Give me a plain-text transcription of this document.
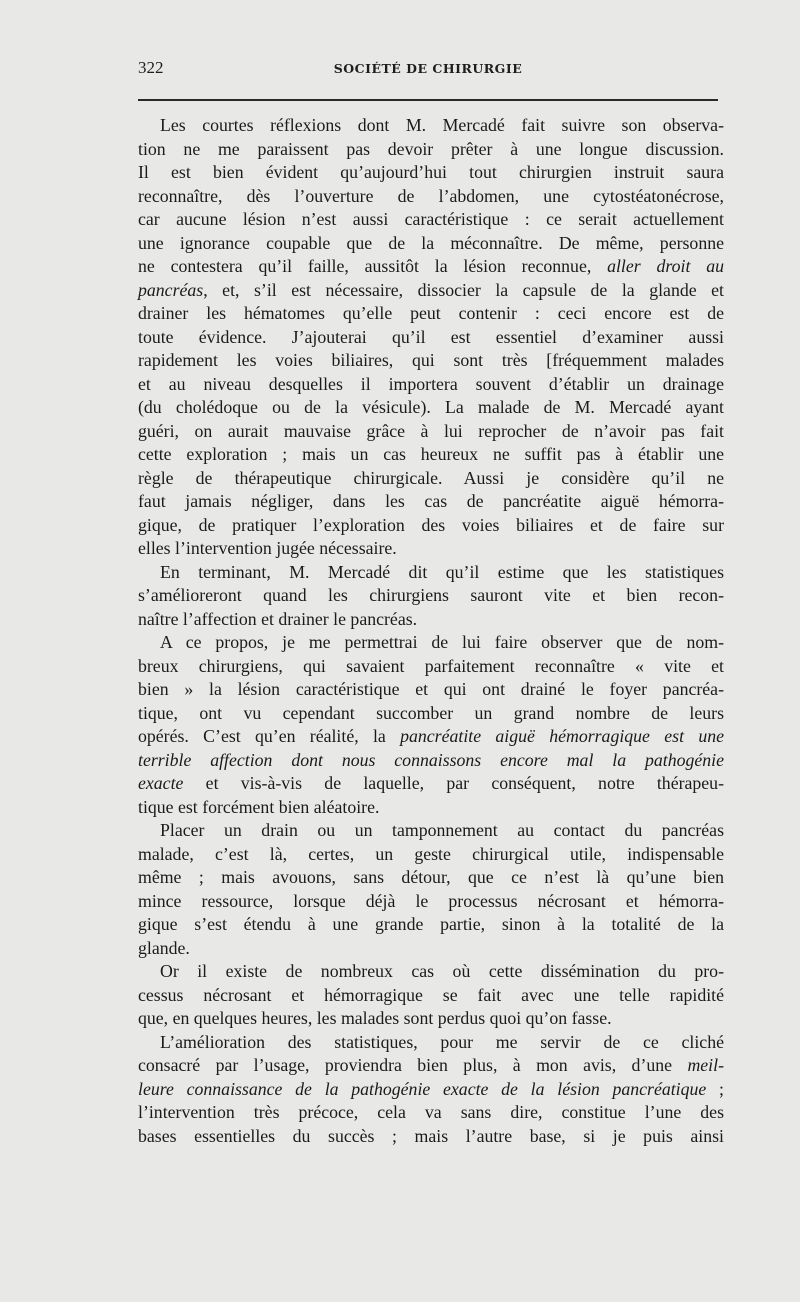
322	SOCIÉTÉ DE CHIRURGIE
Les courtes réflexions dont M. Mercadé fait suivre son observa-
tion ne me paraissent pas devoir prêter à une longue discussion.
Il est bien évident qu’aujourd’hui tout chirurgien instruit saura
reconnaître, dès l’ouverture de l’abdomen, une cytostéatonécrose,
car aucune lésion n’est aussi caractéristique : ce serait actuellement
une ignorance coupable que de la méconnaître. De même, personne
ne contestera qu’il faille, aussitôt la lésion reconnue, aller droit au
pancréas, et, s’il est nécessaire, dissocier la capsule de la glande et
drainer les hématomes qu’elle peut contenir : ceci encore est de
toute évidence. J’ajouterai qu’il est essentiel d’examiner aussi
rapidement les voies biliaires, qui sont très [fréquemment malades
et au niveau desquelles il importera souvent d’établir un drainage
(du cholédoque ou de la vésicule). La malade de M. Mercadé ayant
guéri, on aurait mauvaise grâce à lui reprocher de n’avoir pas fait
cette exploration ; mais un cas heureux ne suffit pas à établir une
règle de thérapeutique chirurgicale. Aussi je considère qu’il ne
faut jamais négliger, dans les cas de pancréatite aiguë hémorra-
gique, de pratiquer l’exploration des voies biliaires et de faire sur
elles l’intervention jugée nécessaire.
En terminant, M. Mercadé dit qu’il estime que les statistiques
s’amélioreront quand les chirurgiens sauront vite et bien recon-
naître l’affection et drainer le pancréas.
A ce propos, je me permettrai de lui faire observer que de nom-
breux chirurgiens, qui savaient parfaitement reconnaître « vite et
bien » la lésion caractéristique et qui ont drainé le foyer pancréa-
tique, ont vu cependant succomber un grand nombre de leurs
opérés. C’est qu’en réalité, la pancréatite aiguë hémorragique est une
terrible affection dont nous connaissons encore mal la pathogénie
exacte et vis-à-vis de laquelle, par conséquent, notre thérapeu-
tique est forcément bien aléatoire.
Placer un drain ou un tamponnement au contact du pancréas
malade, c’est là, certes, un geste chirurgical utile, indispensable
même ; mais avouons, sans détour, que ce n’est là qu’une bien
mince ressource, lorsque déjà le processus nécrosant et hémorra-
gique s’est étendu à une grande partie, sinon à la totalité de la
glande.
Or il existe de nombreux cas où cette dissémination du pro-
cessus nécrosant et hémorragique se fait avec une telle rapidité
que, en quelques heures, les malades sont perdus quoi qu’on fasse.
L’amélioration des statistiques, pour me servir de ce cliché
consacré par l’usage, proviendra bien plus, à mon avis, d’une meil-
leure connaissance de la pathogénie exacte de la lésion pancréatique ;
l’intervention très précoce, cela va sans dire, constitue l’une des
bases essentielles du succès ; mais l’autre base, si je puis ainsi
